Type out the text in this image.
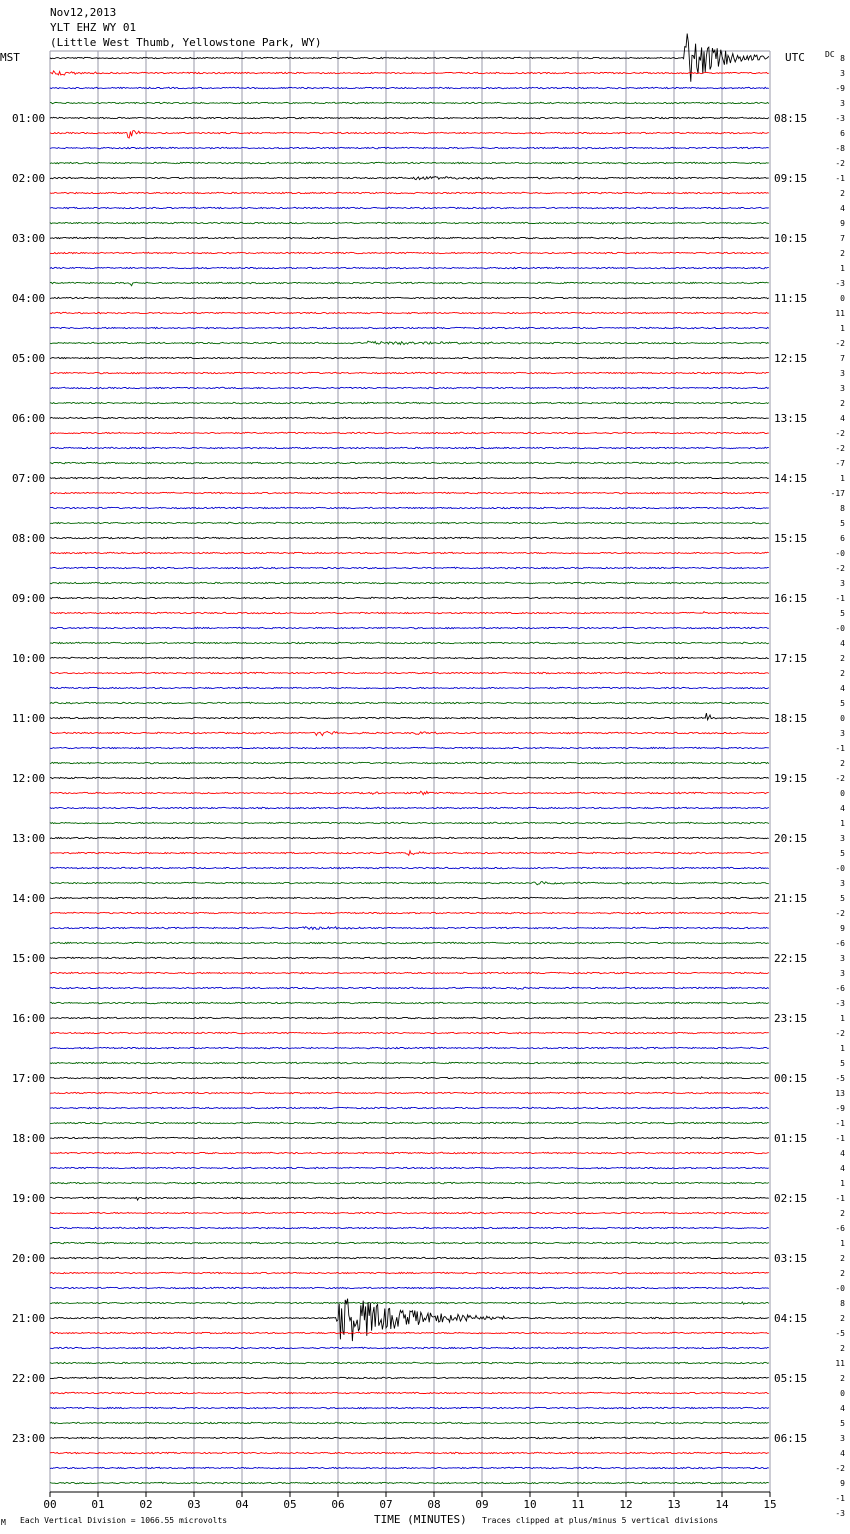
Nov12,2013
YLT EHZ WY 01
(Little West Thumb, Yellowstone Park, WY)
MST	UTC	DC
01:00
02:00
03:00
04:00
05:00
06:00
07:00
08:00
09:00
10:00
11:00
12:00
13:00
14:00
15:00
16:00
17:00
18:00
19:00
20:00
21:00
22:00
23:00
08:15
09:15
10:15
11:15
12:15
13:15
14:15
15:15
16:15
17:15
18:15
19:15
20:15
21:15
22:15
23:15
00:15
01:15
02:15
03:15
04:15
05:15
06:15
8
3
-9
3
-3
6
-8
-2
-1
2
4
9
7
2
1
-3
0
11
1
-2
7
3
3
2
4
-2
-2
-7
1
-17
8
5
6
-0
-2
3
-1
5
-0
4
2
2
4
5
0
3
-1
2
-2
0
4
1
3
5
-0
3
5
-2
9
-6
3
3
-6
-3
1
-2
1
5
-5
13
-9
-1
-1
4
4
1
-1
2
-6
1
2
2
-0
8
2
-5
2
11
2
0
4
5
3
4
-2
9
-1
-3
00	01	02	03	04	05	06	07	08	09	10	11	12	13	14	15
M Each Vertical Division = 1066.55 microvolts	TIME (MINUTES) Traces clipped at plus/minus 5 vertical divisions
